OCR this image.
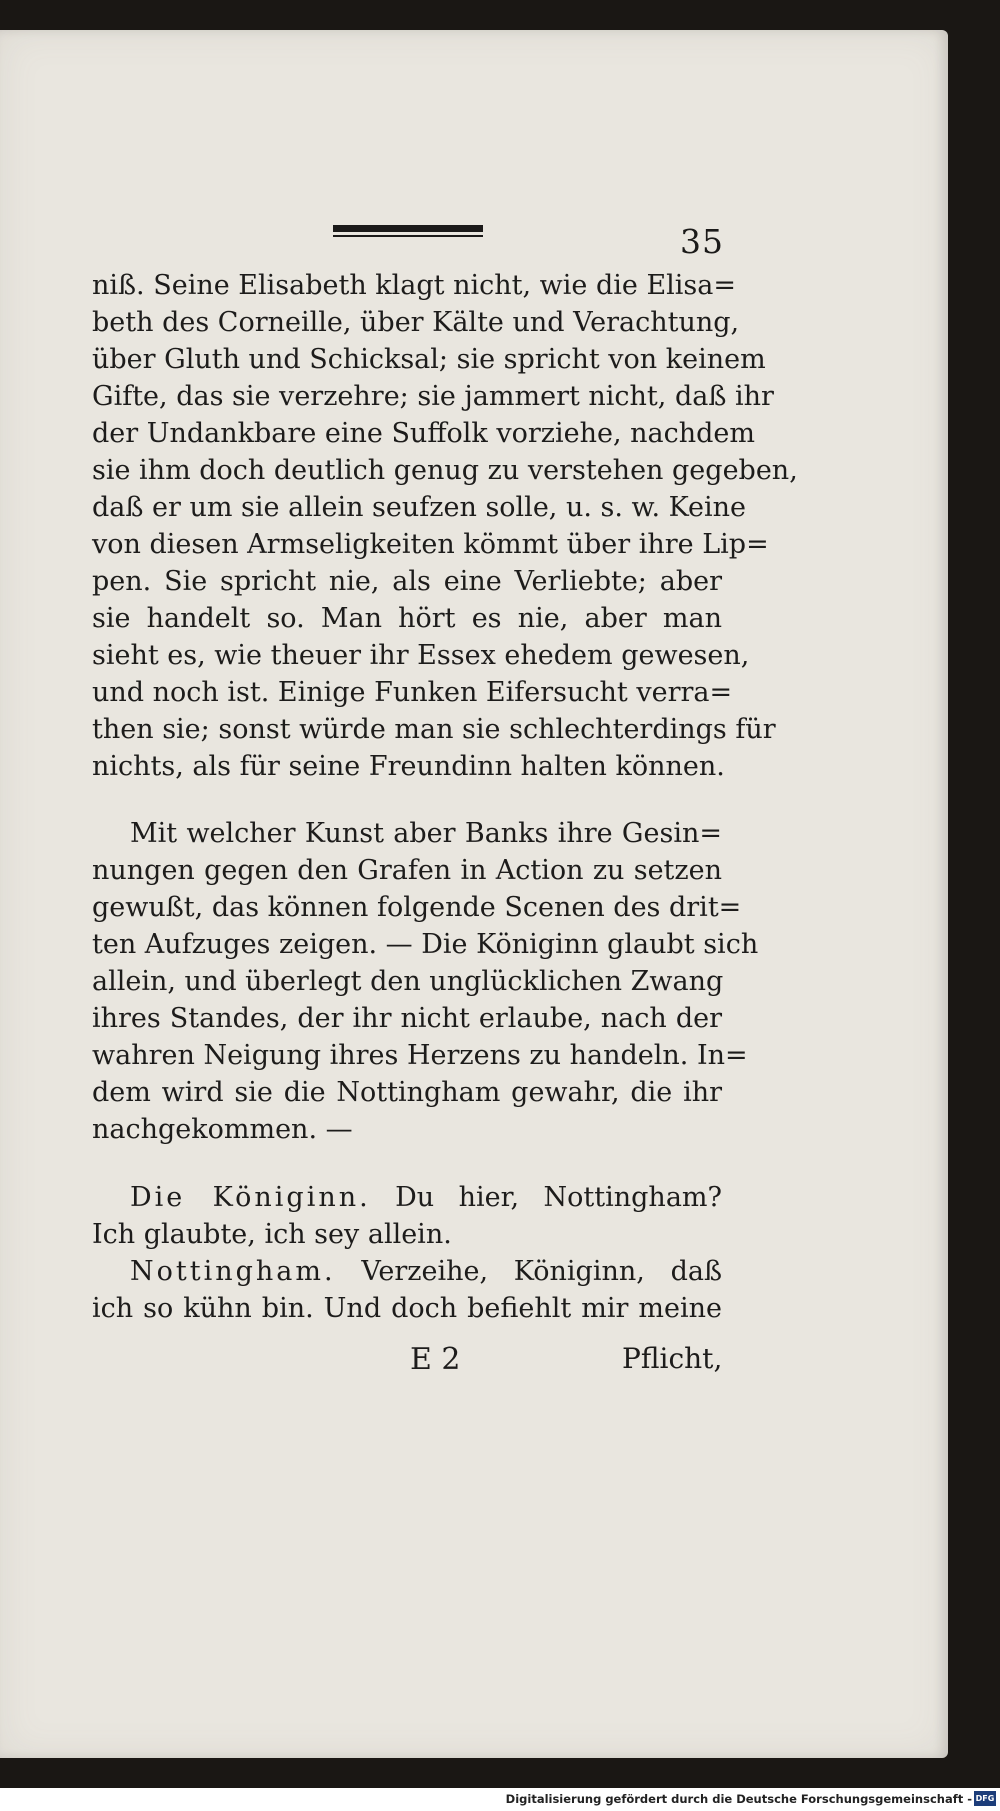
35
niß. Seine Elisabeth klagt nicht, wie die Elisa=
beth des Corneille, über Kälte und Verachtung,
über Gluth und Schicksal; sie spricht von keinem
Gifte, das sie verzehre; sie jammert nicht, daß ihr
der Undankbare eine Suffolk vorziehe, nachdem
sie ihm doch deutlich genug zu verstehen gegeben,
daß er um sie allein seufzen solle, u. s. w. Keine
von diesen Armseligkeiten kömmt über ihre Lip=
pen. Sie spricht nie, als eine Verliebte; aber
sie handelt so. Man hört es nie, aber man
sieht es, wie theuer ihr Essex ehedem gewesen,
und noch ist. Einige Funken Eifersucht verra=
then sie; sonst würde man sie schlechterdings für
nichts, als für seine Freundinn halten können.
Mit welcher Kunst aber Banks ihre Gesin=
nungen gegen den Grafen in Action zu setzen
gewußt, das können folgende Scenen des drit=
ten Aufzuges zeigen. — Die Königinn glaubt sich
allein, und überlegt den unglücklichen Zwang
ihres Standes, der ihr nicht erlaube, nach der
wahren Neigung ihres Herzens zu handeln. In=
dem wird sie die Nottingham gewahr, die ihr
nachgekommen. —
Die Königinn. Du hier, Nottingham?
Ich glaubte, ich sey allein.
Nottingham. Verzeihe, Königinn, daß
ich so kühn bin. Und doch befiehlt mir meine
E 2	Pflicht,
Digitalisierung gefördert durch die Deutsche Forschungsgemeinschaft - DFG
